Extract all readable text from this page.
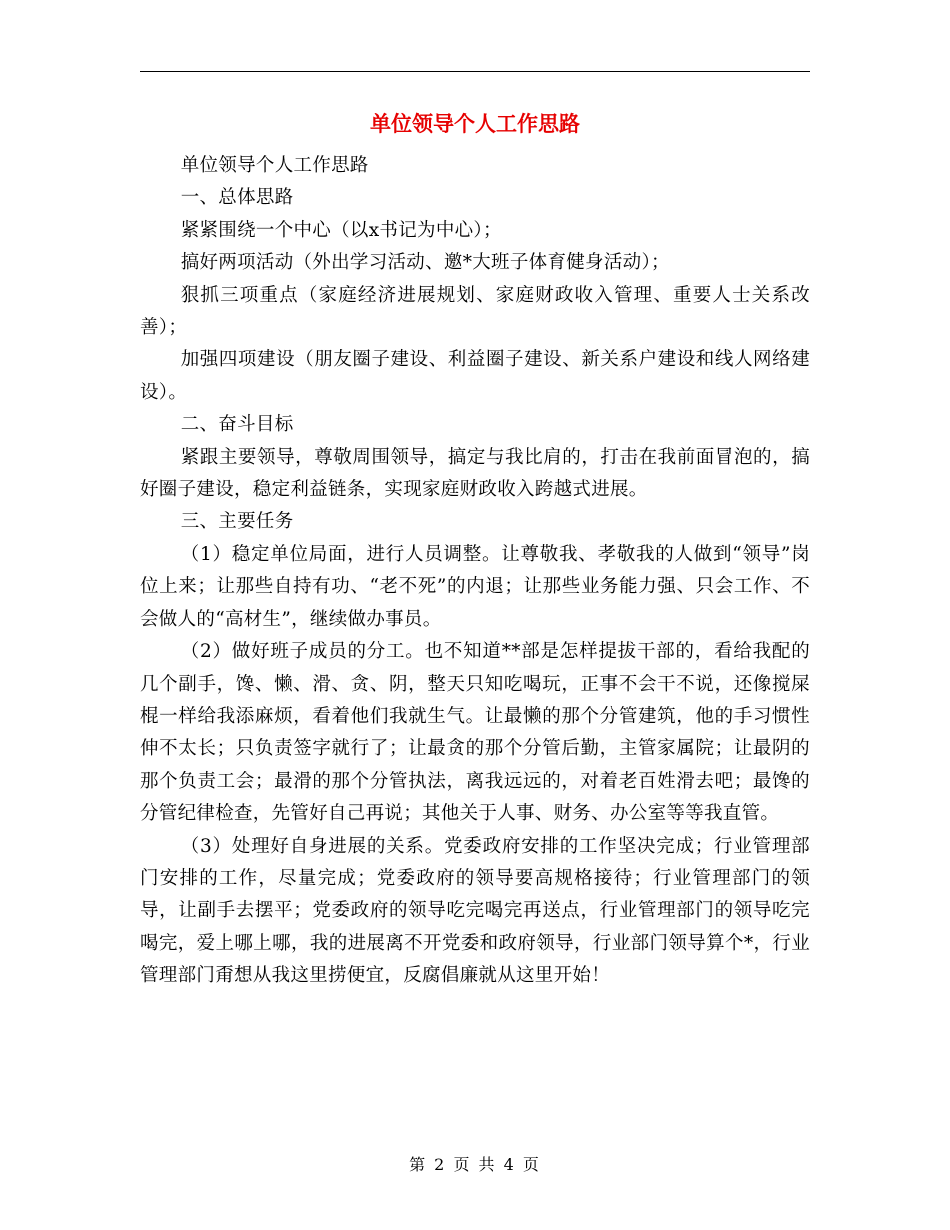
单位领导个人工作思路

单位领导个人工作思路

一、总体思路

紧紧围绕一个中心（以x书记为中心）；

搞好两项活动（外出学习活动、邀*大班子体育健身活动）；

狠抓三项重点（家庭经济进展规划、家庭财政收入管理、重要人士关系改善）；

加强四项建设（朋友圈子建设、利益圈子建设、新关系户建设和线人网络建设）。

二、奋斗目标

紧跟主要领导，尊敬周围领导，搞定与我比肩的，打击在我前面冒泡的，搞好圈子建设，稳定利益链条，实现家庭财政收入跨越式进展。

三、主要任务

（1）稳定单位局面，进行人员调整。让尊敬我、孝敬我的人做到“领导”岗位上来；让那些自持有功、“老不死”的内退；让那些业务能力强、只会工作、不会做人的“高材生”，继续做办事员。

（2）做好班子成员的分工。也不知道**部是怎样提拔干部的，看给我配的几个副手，馋、懒、滑、贪、阴，整天只知吃喝玩，正事不会干不说，还像搅屎棍一样给我添麻烦，看着他们我就生气。让最懒的那个分管建筑，他的手习惯性伸不太长；只负责签字就行了；让最贪的那个分管后勤，主管家属院；让最阴的那个负责工会；最滑的那个分管执法，离我远远的，对着老百姓滑去吧；最馋的分管纪律检查，先管好自己再说；其他关于人事、财务、办公室等等我直管。

（3）处理好自身进展的关系。党委政府安排的工作坚决完成；行业管理部门安排的工作，尽量完成；党委政府的领导要高规格接待；行业管理部门的领导，让副手去摆平；党委政府的领导吃完喝完再送点，行业管理部门的领导吃完喝完，爱上哪上哪，我的进展离不开党委和政府领导，行业部门领导算个*，行业管理部门甭想从我这里捞便宜，反腐倡廉就从这里开始！

第 2 页 共 4 页
